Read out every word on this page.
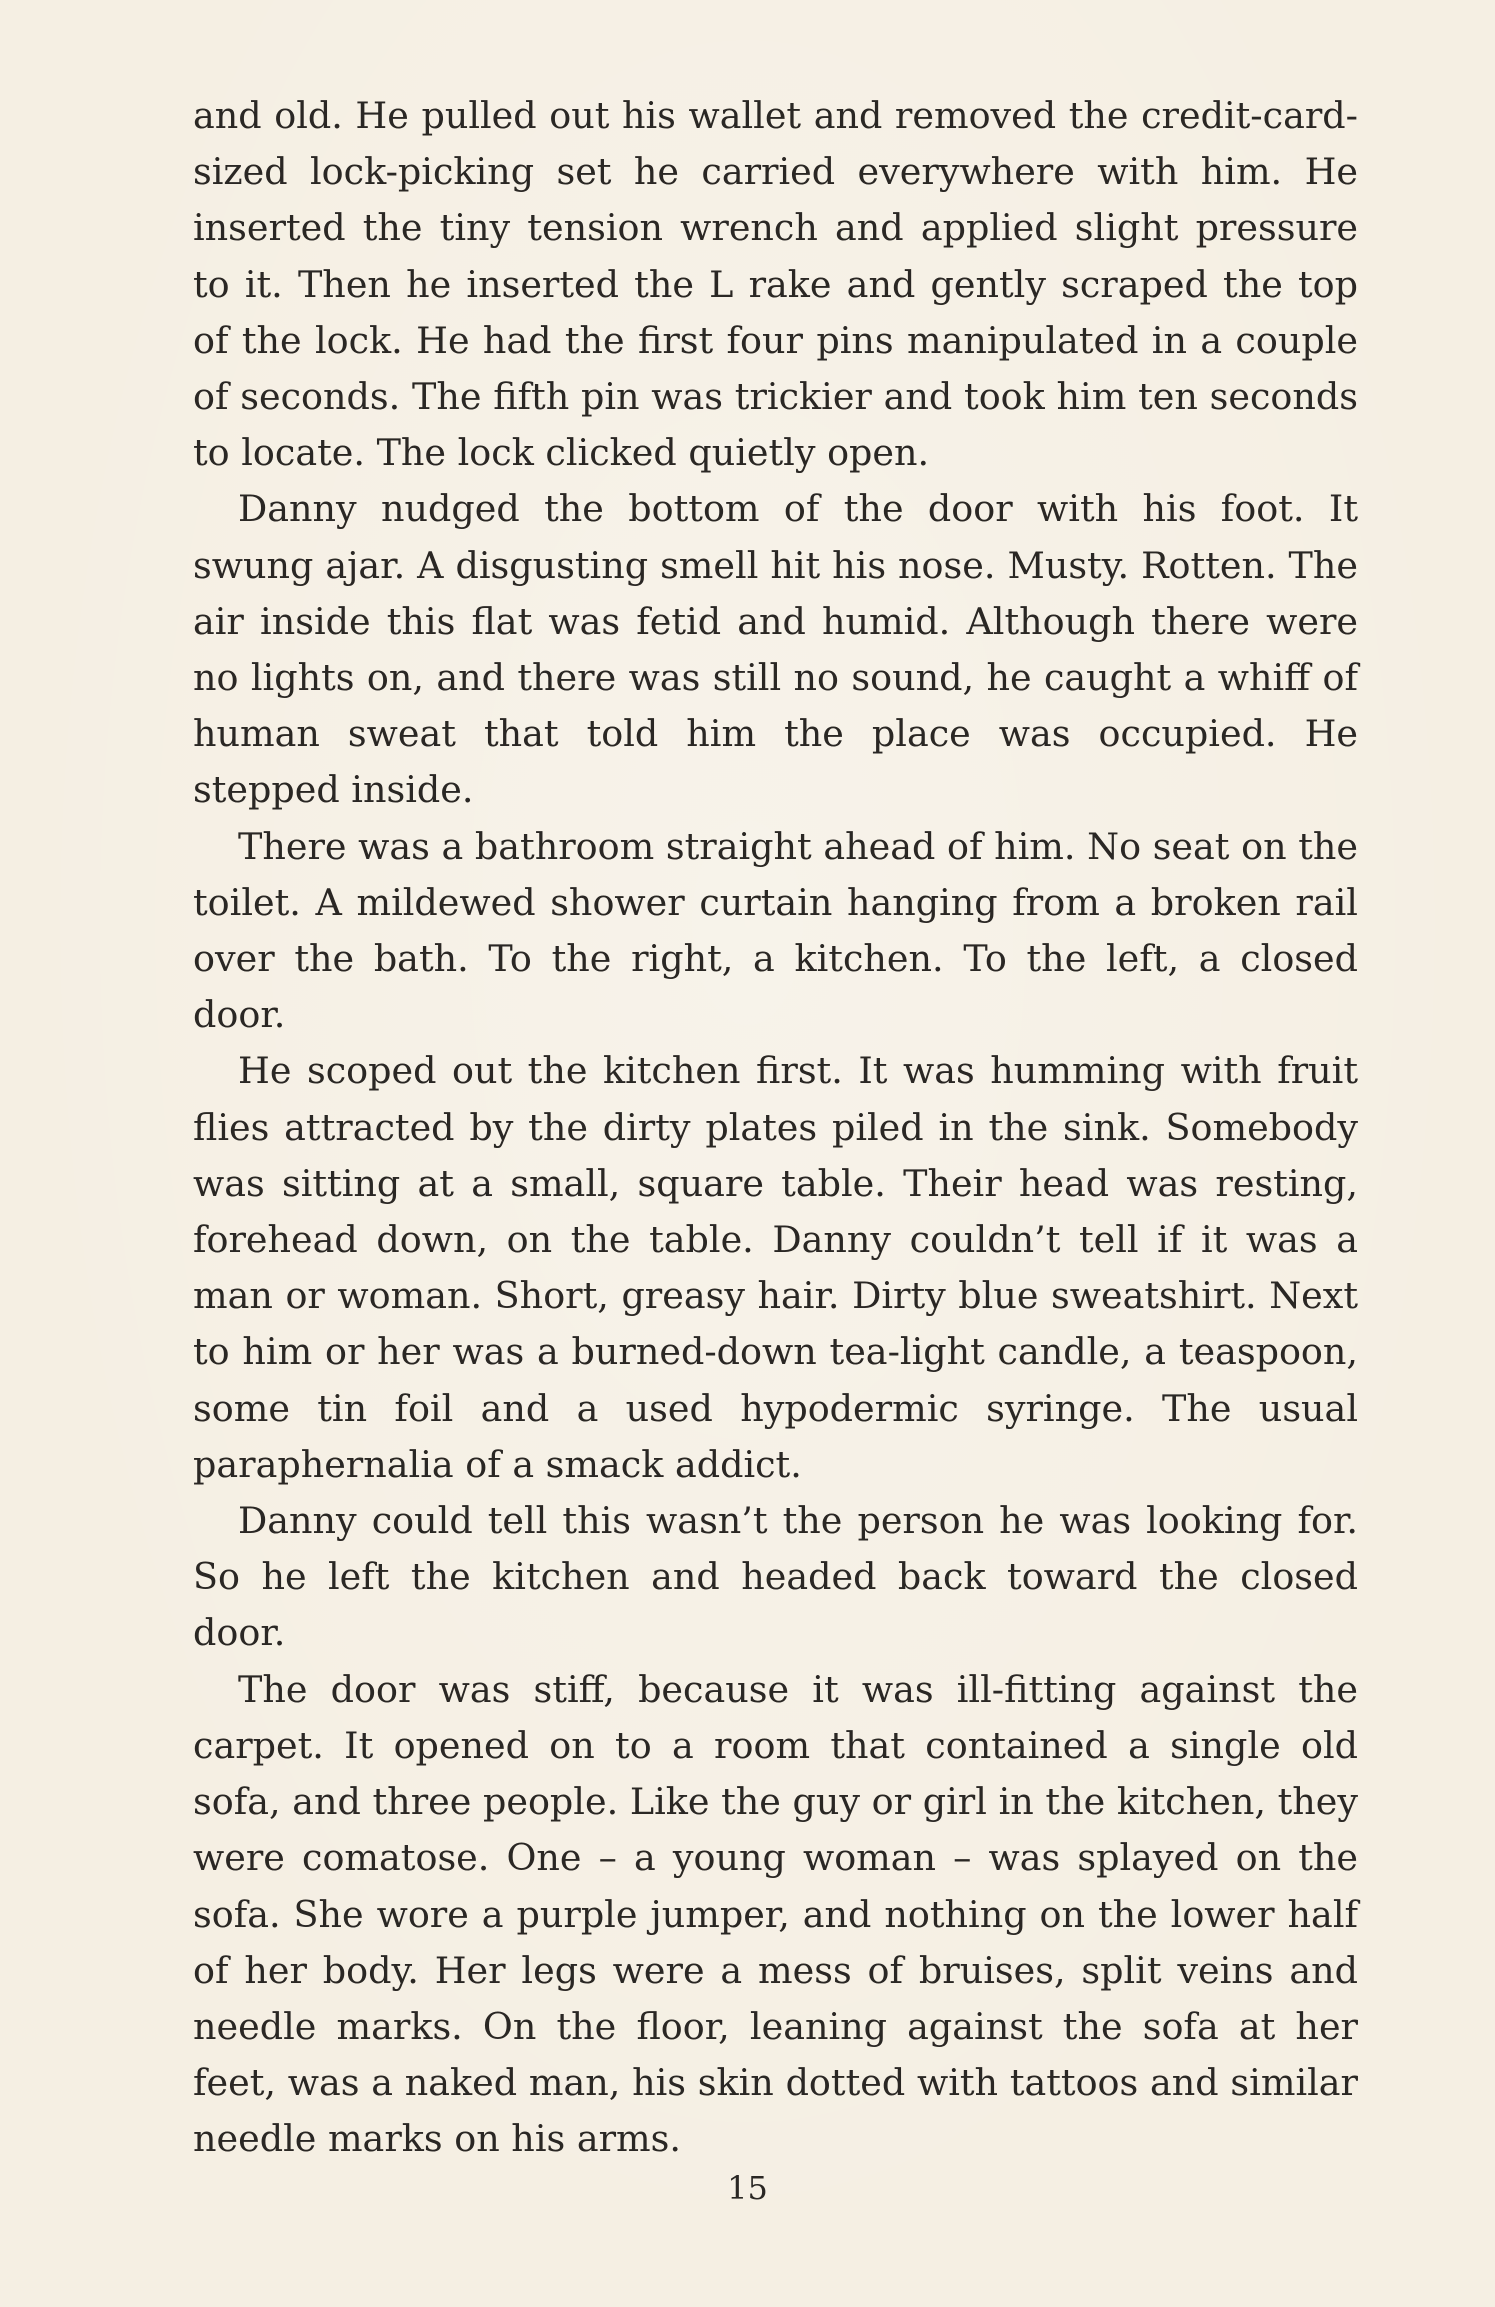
and old. He pulled out his wallet and removed the credit-card-sized lock-picking set he carried everywhere with him. He inserted the tiny tension wrench and applied slight pressure to it. Then he inserted the L rake and gently scraped the top of the lock. He had the first four pins manipulated in a couple of seconds. The fifth pin was trickier and took him ten seconds to locate. The lock clicked quietly open.

Danny nudged the bottom of the door with his foot. It swung ajar. A disgusting smell hit his nose. Musty. Rotten. The air inside this flat was fetid and humid. Although there were no lights on, and there was still no sound, he caught a whiff of human sweat that told him the place was occupied. He stepped inside.

There was a bathroom straight ahead of him. No seat on the toilet. A mildewed shower curtain hanging from a broken rail over the bath. To the right, a kitchen. To the left, a closed door.

He scoped out the kitchen first. It was humming with fruit flies attracted by the dirty plates piled in the sink. Somebody was sitting at a small, square table. Their head was resting, forehead down, on the table. Danny couldn’t tell if it was a man or woman. Short, greasy hair. Dirty blue sweatshirt. Next to him or her was a burned-down tea-light candle, a teaspoon, some tin foil and a used hypodermic syringe. The usual paraphernalia of a smack addict.

Danny could tell this wasn’t the person he was looking for. So he left the kitchen and headed back toward the closed door.

The door was stiff, because it was ill-fitting against the carpet. It opened on to a room that contained a single old sofa, and three people. Like the guy or girl in the kitchen, they were comatose. One – a young woman – was splayed on the sofa. She wore a purple jumper, and nothing on the lower half of her body. Her legs were a mess of bruises, split veins and needle marks. On the floor, leaning against the sofa at her feet, was a naked man, his skin dotted with tattoos and similar needle marks on his arms.

15
